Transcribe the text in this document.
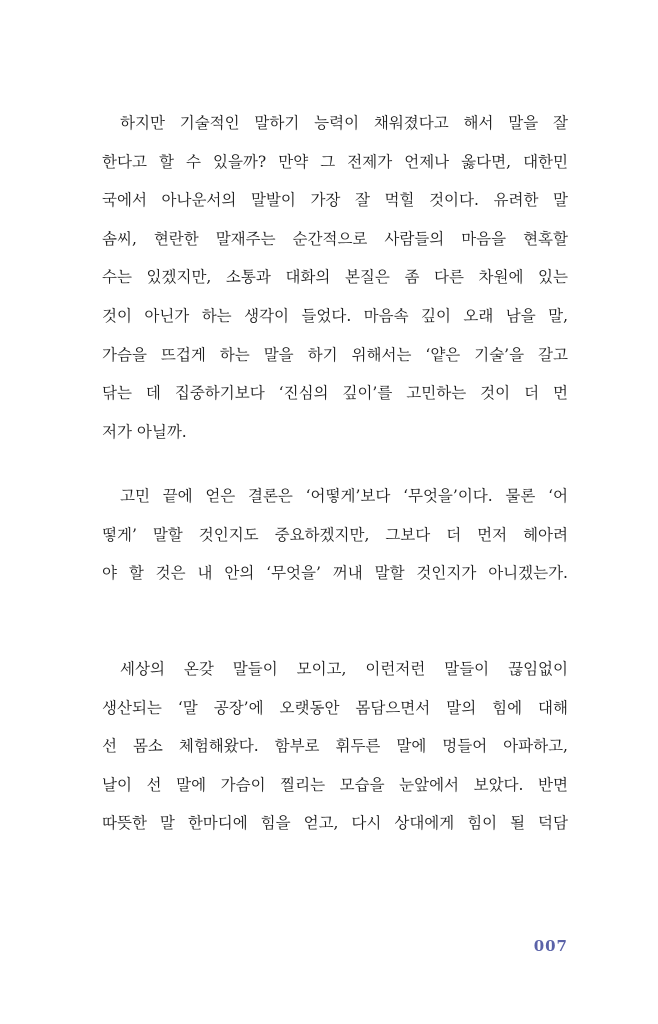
하지만 기술적인 말하기 능력이 채워졌다고 해서 말을 잘
한다고 할 수 있을까? 만약 그 전제가 언제나 옳다면, 대한민
국에서 아나운서의 말발이 가장 잘 먹힐 것이다. 유려한 말
솜씨, 현란한 말재주는 순간적으로 사람들의 마음을 현혹할
수는 있겠지만, 소통과 대화의 본질은 좀 다른 차원에 있는
것이 아닌가 하는 생각이 들었다. 마음속 깊이 오래 남을 말,
가슴을 뜨겁게 하는 말을 하기 위해서는 ‘얕은 기술’을 갈고
닦는 데 집중하기보다 ‘진심의 깊이’를 고민하는 것이 더 먼
저가 아닐까.
고민 끝에 얻은 결론은 ‘어떻게’보다 ‘무엇을’이다. 물론 ‘어
떻게’ 말할 것인지도 중요하겠지만, 그보다 더 먼저 헤아려
야 할 것은 내 안의 ‘무엇을’ 꺼내 말할 것인지가 아니겠는가.
세상의 온갖 말들이 모이고, 이런저런 말들이 끊임없이
생산되는 ‘말 공장’에 오랫동안 몸담으면서 말의 힘에 대해
선 몸소 체험해왔다. 함부로 휘두른 말에 멍들어 아파하고,
날이 선 말에 가슴이 찔리는 모습을 눈앞에서 보았다. 반면
따뜻한 말 한마디에 힘을 얻고, 다시 상대에게 힘이 될 덕담
007
